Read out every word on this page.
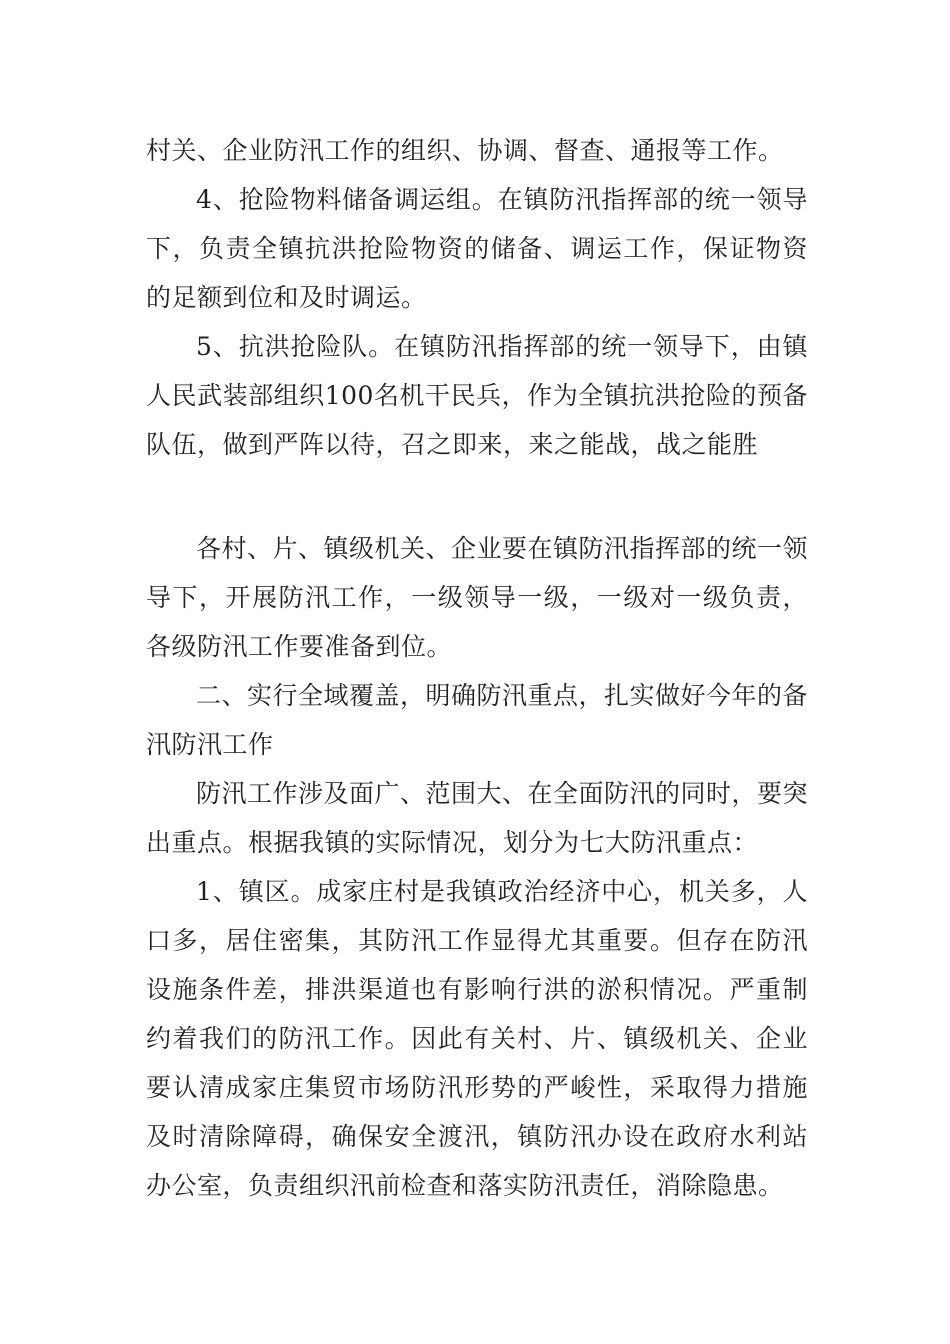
村关、企业防汛工作的组织、协调、督查、通报等工作。

4、抢险物料储备调运组。在镇防汛指挥部的统一领导下，负责全镇抗洪抢险物资的储备、调运工作，保证物资的足额到位和及时调运。

5、抗洪抢险队。在镇防汛指挥部的统一领导下，由镇人民武装部组织100名机干民兵，作为全镇抗洪抢险的预备队伍，做到严阵以待，召之即来，来之能战，战之能胜

各村、片、镇级机关、企业要在镇防汛指挥部的统一领导下，开展防汛工作，一级领导一级，一级对一级负责，各级防汛工作要准备到位。

二、实行全域覆盖，明确防汛重点，扎实做好今年的备汛防汛工作

防汛工作涉及面广、范围大、在全面防汛的同时，要突出重点。根据我镇的实际情况，划分为七大防汛重点：

1、镇区。成家庄村是我镇政治经济中心，机关多，人口多，居住密集，其防汛工作显得尤其重要。但存在防汛设施条件差，排洪渠道也有影响行洪的淤积情况。严重制约着我们的防汛工作。因此有关村、片、镇级机关、企业要认清成家庄集贸市场防汛形势的严峻性，采取得力措施及时清除障碍，确保安全渡汛，镇防汛办设在政府水利站办公室，负责组织汛前检查和落实防汛责任，消除隐患。
